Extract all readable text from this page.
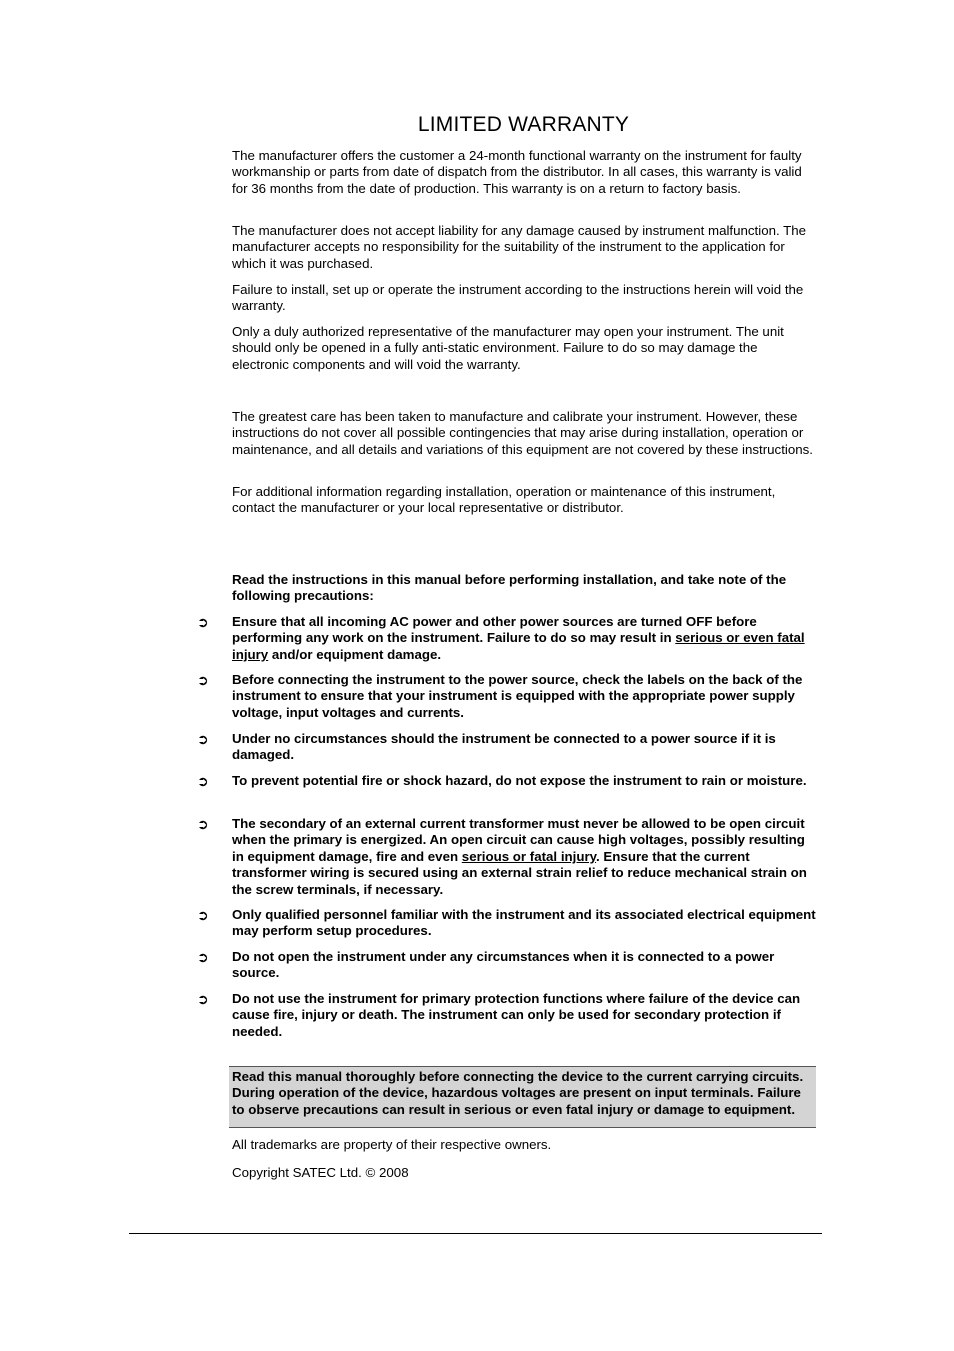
LIMITED WARRANTY

The manufacturer offers the customer a 24-month functional warranty on the instrument for faulty workmanship or parts from date of dispatch from the distributor. In all cases, this warranty is valid for 36 months from the date of production. This warranty is on a return to factory basis.

The manufacturer does not accept liability for any damage caused by instrument malfunction. The manufacturer accepts no responsibility for the suitability of the instrument to the application for which it was purchased.

Failure to install, set up or operate the instrument according to the instructions herein will void the warranty.

Only a duly authorized representative of the manufacturer may open your instrument. The unit should only be opened in a fully anti-static environment. Failure to do so may damage the electronic components and will void the warranty.

The greatest care has been taken to manufacture and calibrate your instrument. However, these instructions do not cover all possible contingencies that may arise during installation, operation or maintenance, and all details and variations of this equipment are not covered by these instructions.

For additional information regarding installation, operation or maintenance of this instrument, contact the manufacturer or your local representative or distributor.

Read the instructions in this manual before performing installation, and take note of the following precautions:

➲ Ensure that all incoming AC power and other power sources are turned OFF before performing any work on the instrument. Failure to do so may result in serious or even fatal injury and/or equipment damage.

➲ Before connecting the instrument to the power source, check the labels on the back of the instrument to ensure that your instrument is equipped with the appropriate power supply voltage, input voltages and currents.

➲ Under no circumstances should the instrument be connected to a power source if it is damaged.

➲ To prevent potential fire or shock hazard, do not expose the instrument to rain or moisture.

➲ The secondary of an external current transformer must never be allowed to be open circuit when the primary is energized. An open circuit can cause high voltages, possibly resulting in equipment damage, fire and even serious or fatal injury. Ensure that the current transformer wiring is secured using an external strain relief to reduce mechanical strain on the screw terminals, if necessary.

➲ Only qualified personnel familiar with the instrument and its associated electrical equipment may perform setup procedures.

➲ Do not open the instrument under any circumstances when it is connected to a power source.

➲ Do not use the instrument for primary protection functions where failure of the device can cause fire, injury or death. The instrument can only be used for secondary protection if needed.

Read this manual thoroughly before connecting the device to the current carrying circuits. During operation of the device, hazardous voltages are present on input terminals. Failure to observe precautions can result in serious or even fatal injury or damage to equipment.

All trademarks are property of their respective owners.

Copyright SATEC Ltd. © 2008
